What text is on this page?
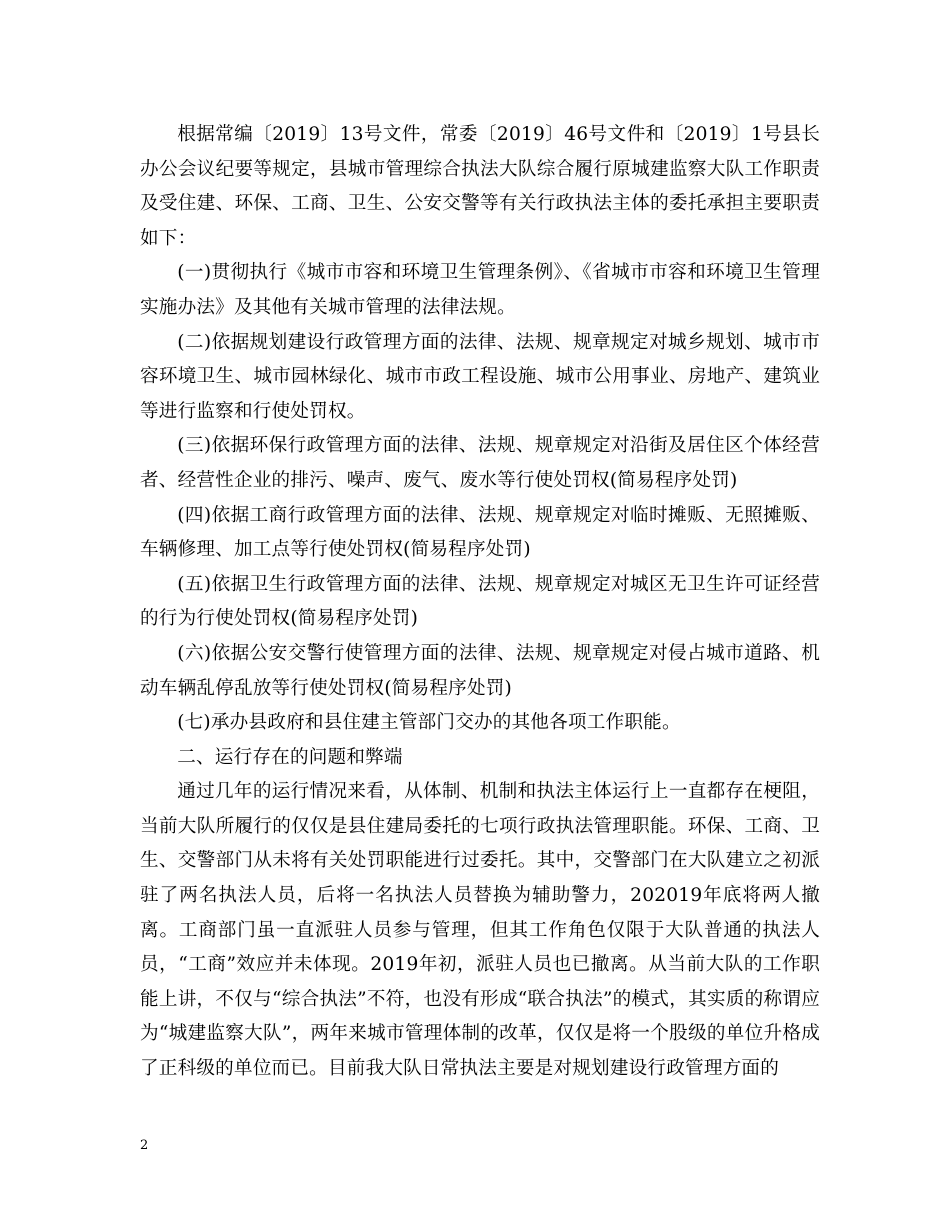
根据常编〔2019〕13号文件，常委〔2019〕46号文件和〔2019〕1号县长办公会议纪要等规定，县城市管理综合执法大队综合履行原城建监察大队工作职责及受住建、环保、工商、卫生、公安交警等有关行政执法主体的委托承担主要职责如下：

(一)贯彻执行《城市市容和环境卫生管理条例》、《省城市市容和环境卫生管理实施办法》及其他有关城市管理的法律法规。

(二)依据规划建设行政管理方面的法律、法规、规章规定对城乡规划、城市市容环境卫生、城市园林绿化、城市市政工程设施、城市公用事业、房地产、建筑业等进行监察和行使处罚权。

(三)依据环保行政管理方面的法律、法规、规章规定对沿街及居住区个体经营者、经营性企业的排污、噪声、废气、废水等行使处罚权(简易程序处罚)

(四)依据工商行政管理方面的法律、法规、规章规定对临时摊贩、无照摊贩、车辆修理、加工点等行使处罚权(简易程序处罚)

(五)依据卫生行政管理方面的法律、法规、规章规定对城区无卫生许可证经营的行为行使处罚权(简易程序处罚)

(六)依据公安交警行使管理方面的法律、法规、规章规定对侵占城市道路、机动车辆乱停乱放等行使处罚权(简易程序处罚)

(七)承办县政府和县住建主管部门交办的其他各项工作职能。

二、运行存在的问题和弊端

通过几年的运行情况来看，从体制、机制和执法主体运行上一直都存在梗阻，当前大队所履行的仅仅是县住建局委托的七项行政执法管理职能。环保、工商、卫生、交警部门从未将有关处罚职能进行过委托。其中，交警部门在大队建立之初派驻了两名执法人员，后将一名执法人员替换为辅助警力，202019年底将两人撤离。工商部门虽一直派驻人员参与管理，但其工作角色仅限于大队普通的执法人员，“工商”效应并未体现。2019年初，派驻人员也已撤离。从当前大队的工作职能上讲，不仅与“综合执法”不符，也没有形成“联合执法”的模式，其实质的称谓应为“城建监察大队”，两年来城市管理体制的改革，仅仅是将一个股级的单位升格成了正科级的单位而已。目前我大队日常执法主要是对规划建设行政管理方面的

2
